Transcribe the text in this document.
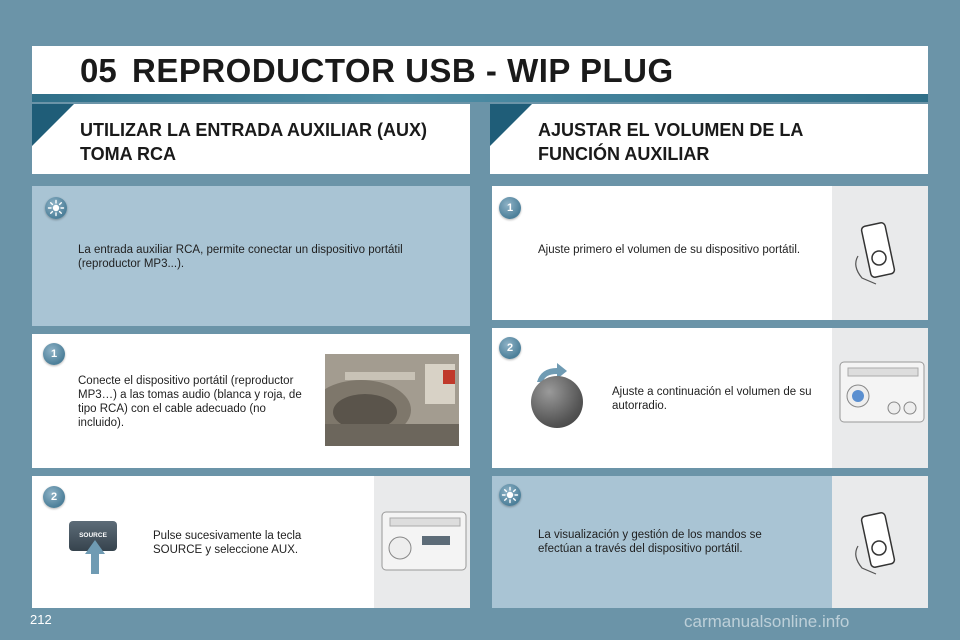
05 REPRODUCTOR USB - WIP PLUG
UTILIZAR LA ENTRADA AUXILIAR (AUX)
TOMA RCA
AJUSTAR EL VOLUMEN DE LA
FUNCIÓN AUXILIAR
La entrada auxiliar RCA, permite conectar un dispositivo portátil (reproductor MP3...).
1
Conecte el dispositivo portátil (reproductor MP3…) a las tomas audio (blanca y roja, de tipo RCA) con el cable adecuado (no incluido).
2
Pulse sucesivamente la tecla SOURCE y seleccione AUX.
SOURCE
1
Ajuste primero el volumen de su dispositivo portátil.
2
Ajuste a continuación el volumen de su autorradio.
La visualización y gestión de los mandos se efectúan a través del dispositivo portátil.
212	carmanualsonline.info
